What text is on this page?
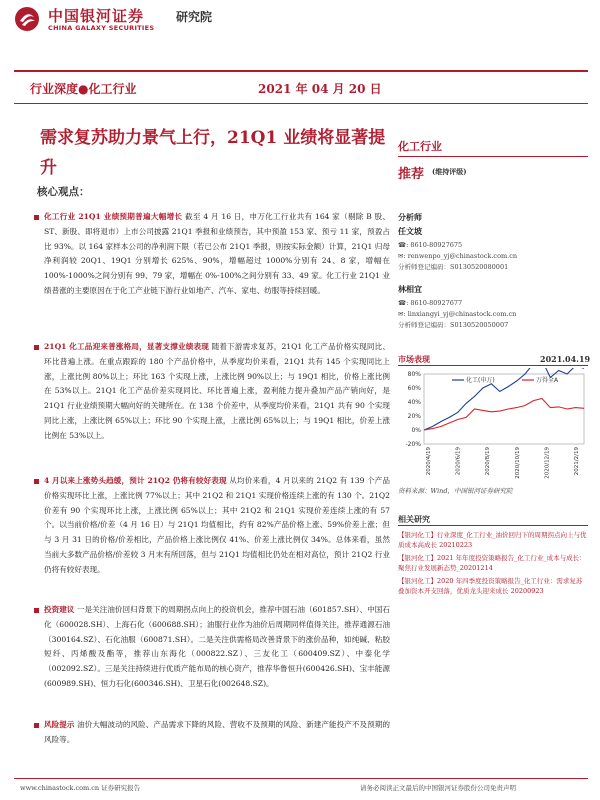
中国银河证券
CHINA GALAXY SECURITIES
研究院
行业深度●化工行业	2021 年 04 月 20 日
需求复苏助力景气上行，21Q1 业绩将显著提升
核心观点：
化工行业 21Q1 业绩预期普遍大幅增长 截至 4 月 16 日，申万化工行业共有 164 家（剔除 B 股、ST、新股、即将退市）上市公司披露 21Q1 季报和业绩预告，其中预盈 153 家、预亏 11 家，预盈占比 93%。以 164 家样本公司的净利润下限（若已公布 21Q1 季报，则按实际金额）计算，21Q1 归母净利润较 20Q1、19Q1 分别增长 625%、90%，增幅超过 1000%分别有 24、8 家，增幅在 100%-1000%之间分别有 99、79 家，增幅在 0%-100%之间分别有 33、49 家。化工行业 21Q1 业绩普涨的主要原因在于化工产业链下游行业如地产、汽车、家电、纺服等持续回暖。
21Q1 化工品迎来普涨格局，显著支撑业绩表现 随着下游需求复苏，21Q1 化工产品价格实现同比、环比普遍上涨。在重点跟踪的 180 个产品价格中，从季度均价来看，21Q1 共有 145 个实现同比上涨，上涨比例 80%以上；环比 163 个实现上涨，上涨比例 90%以上；与 19Q1 相比，价格上涨比例在 53%以上。21Q1 化工产品价差实现同比、环比普遍上涨，盈利能力提升叠加产品产销向好，是 21Q1 行业业绩预期大幅向好的关键所在。在 138 个价差中，从季度均价来看，21Q1 共有 90 个实现同比上涨，上涨比例 65%以上；环比 90 个实现上涨，上涨比例 65%以上；与 19Q1 相比，价差上涨比例在 53%以上。
4 月以来上涨势头趋缓，预计 21Q2 仍将有较好表现 从均价来看，4 月以来的 21Q2 有 139 个产品价格实现环比上涨，上涨比例 77%以上；其中 21Q2 和 21Q1 实现价格连续上涨的有 130 个。21Q2 价差有 90 个实现环比上涨，上涨比例 65%以上；其中 21Q2 和 21Q1 实现价差连续上涨的有 57 个。以当前价格/价差（4 月 16 日）与 21Q1 均值相比，约有 82%产品价格上涨、59%价差上涨；但与 3 月 31 日的价格/价差相比，产品价格上涨比例仅 41%、价差上涨比例仅 34%。总体来看，虽然当前大多数产品价格/价差较 3 月末有所回落，但与 21Q1 均值相比仍处在相对高位，预计 21Q2 行业仍将有较好表现。
投资建议 一是关注油价回归背景下的周期拐点向上的投资机会，推荐中国石油（601857.SH）、中国石化（600028.SH）、上海石化（600688.SH）；油服行业作为油价后周期同样值得关注，推荐通源石油（300164.SZ）、石化油服（600871.SH）。二是关注供需格局改善背景下的涨价品种，如纯碱、粘胶短纤、丙烯酸及酯等，推荐山东海化（000822.SZ）、三友化工（600409.SZ）、中泰化学（002092.SZ）。三是关注持续进行优质产能布局的核心资产，推荐华鲁恒升(600426.SH)、宝丰能源(600989.SH)、恒力石化(600346.SH)、卫星石化(002648.SZ)。
风险提示 油价大幅波动的风险、产品需求下降的风险、营收不及预期的风险、新建产能投产不及预期的风险等。
化工行业
推荐 (维持评级)
分析师
任文坡
☎: 8610-80927675
✉: renwenpo_yj@chinastock.com.cn
分析师登记编码：S0130520080001
林相宜
☎: 8610-80927677
✉: linxiangyi_yj@chinastock.com.cn
分析师登记编码：S0130520050007
市场表现	2021.04.19
80%
60%
40%
20%
0%
-20%
2020/4/19	2020/6/19	2020/8/19	2020/10/19	2020/12/19	2021/2/19
化工(申万)	万得全A
资料来源：Wind，中国银河证券研究院
相关研究
【银河化工】行业深度_化工行业_油价回归下的周期拐点向上与优质成本高成长 20210223
【银河化工】2021 年年度投资策略报告_化工行业_成本与成长：聚焦行业发展新态势_20201214
【银河化工】2020 年四季度投资策略报告_化工行业：需求复苏叠加资本开支回落，优质龙头迎来成长 20200923
www.chinastock.com.cn 证券研究报告	请务必阅读正文最后的中国银河证券股份公司免责声明
